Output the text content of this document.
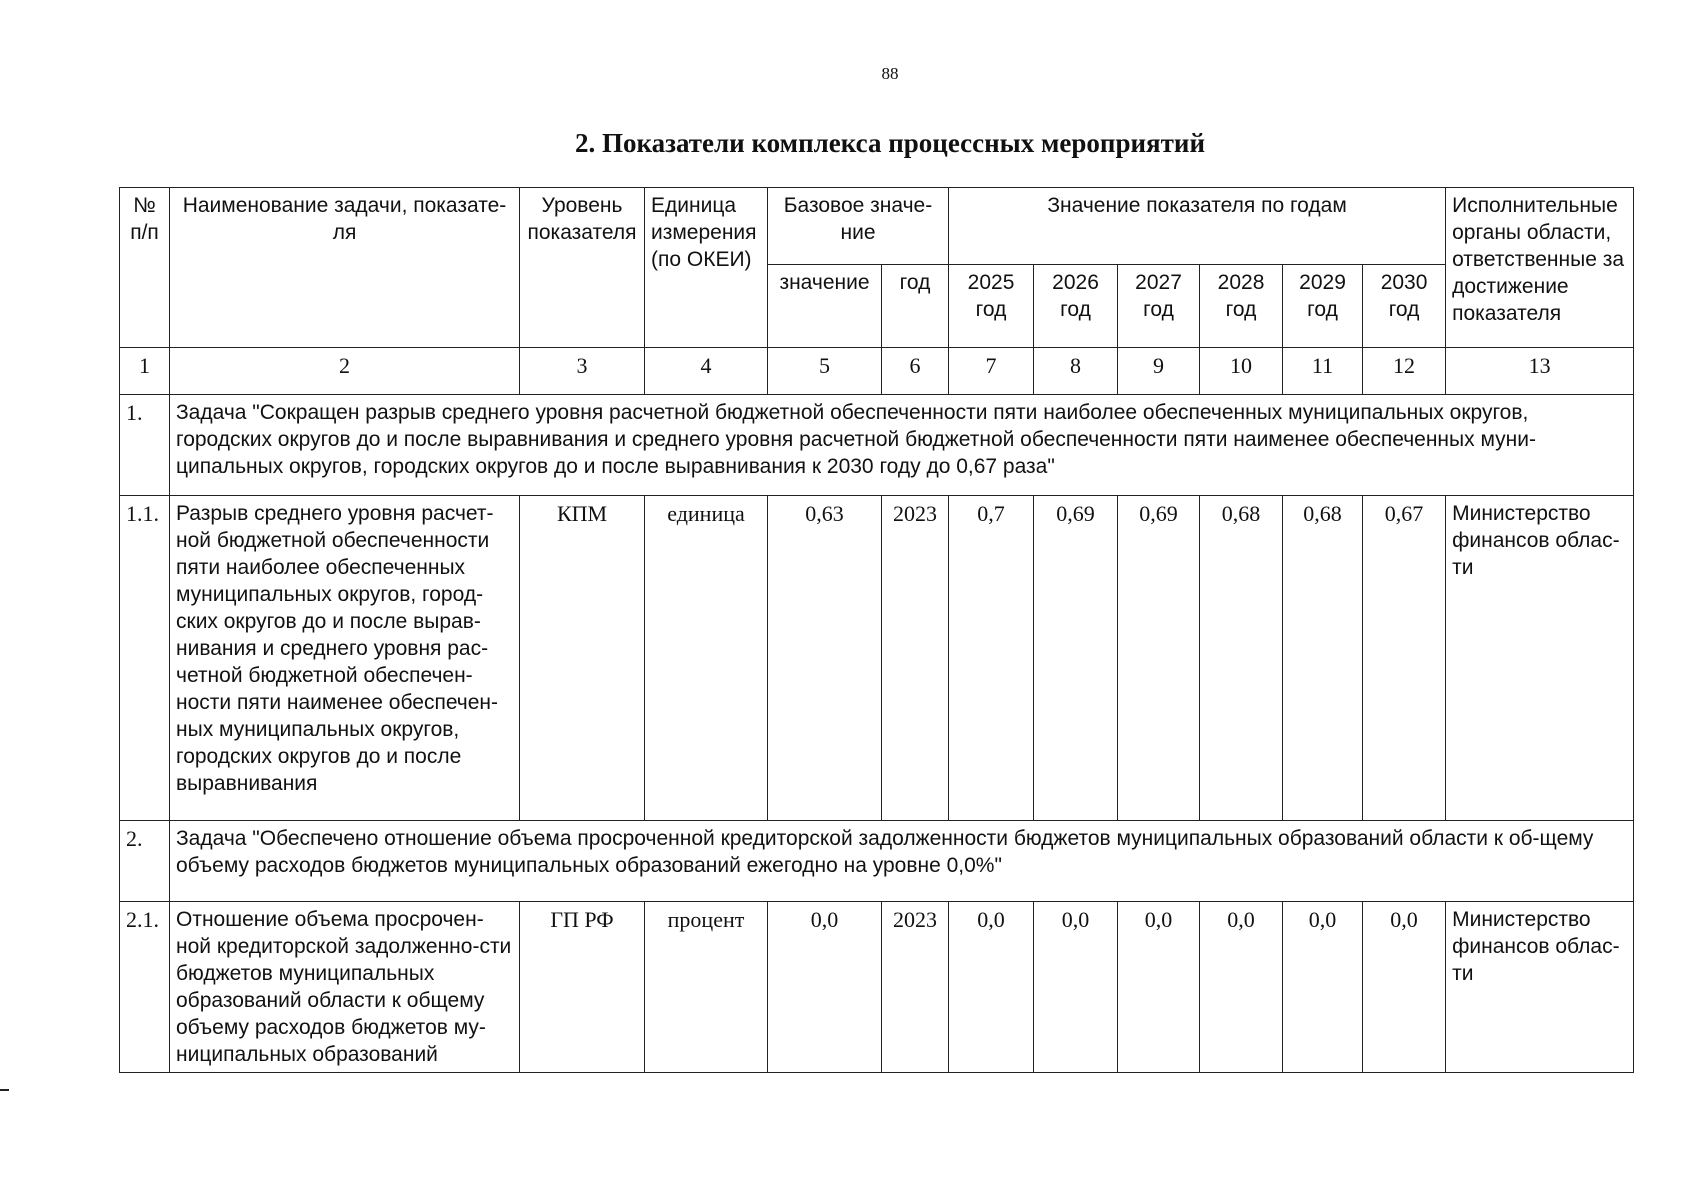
88
2. Показатели комплекса процессных мероприятий
№ п/п	Наименование задачи, показате-ля	Уровень показателя	Единица измерения (по ОКЕИ)	Базовое значе-ние		Значение показателя по годам						Исполнительные органы области, ответственные за достижение показателя
				значение	год	2025 год	2026 год	2027 год	2028 год	2029 год	2030 год	
1	2	3	4	5	6	7	8	9	10	11	12	13
1.	Задача "Сокращен разрыв среднего уровня расчетной бюджетной обеспеченности пяти наиболее обеспеченных муниципальных округов, городских округов до и после выравнивания и среднего уровня расчетной бюджетной обеспеченности пяти наименее обеспеченных муни-ципальных округов, городских округов до и после выравнивания к 2030 году до 0,67 раза"											
1.1.	Разрыв среднего уровня расчет-ной бюджетной обеспеченности пяти наиболее обеспеченных муниципальных округов, город-ских округов до и после вырав-нивания и среднего уровня рас-четной бюджетной обеспечен-ности пяти наименее обеспечен-ных муниципальных округов, городских округов до и после выравнивания	КПМ	единица	0,63	2023	0,7	0,69	0,69	0,68	0,68	0,67	Министерство финансов облас-ти
2.	Задача "Обеспечено отношение объема просроченной кредиторской задолженности бюджетов муниципальных образований области к об-щему объему расходов бюджетов муниципальных образований ежегодно на уровне 0,0%"											
2.1.	Отношение объема просрочен-ной кредиторской задолженно-сти бюджетов муниципальных образований области к общему объему расходов бюджетов му-ниципальных образований	ГП РФ	процент	0,0	2023	0,0	0,0	0,0	0,0	0,0	0,0	Министерство финансов облас-ти
